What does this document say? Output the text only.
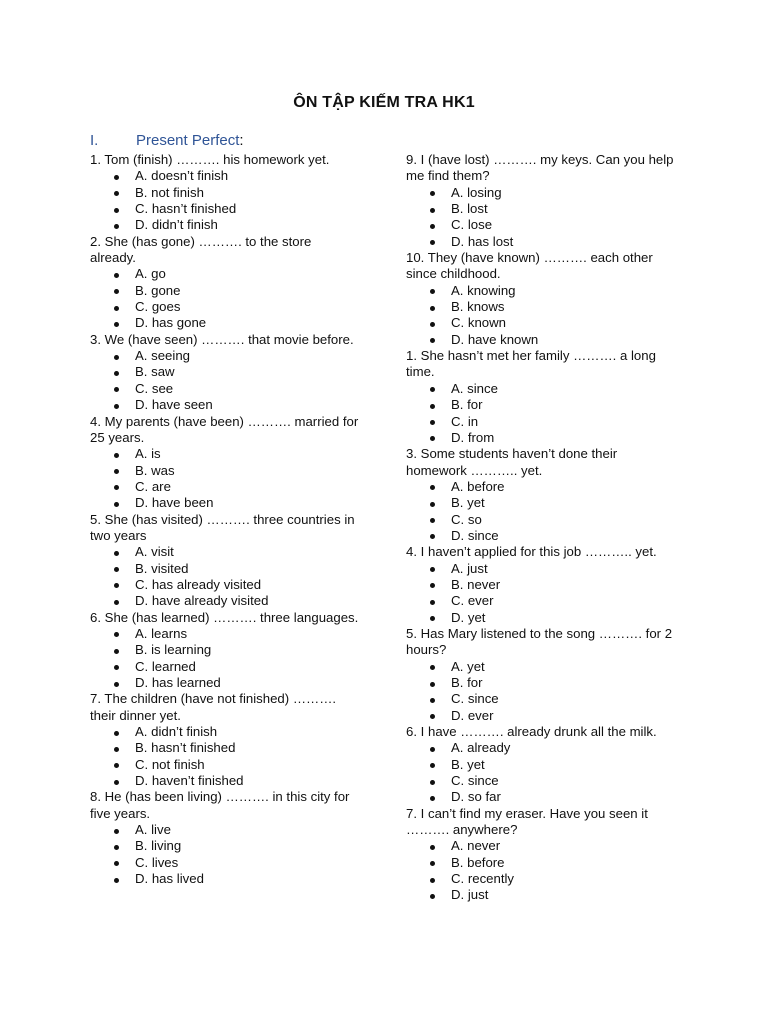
ÔN TẬP KIẾM TRA HK1
I.	Present Perfect:

1. Tom (finish) ………. his homework yet.

A. doesn’t finish
B. not finish
C. hasn’t finished
D. didn’t finish

2. She (has gone) ………. to the store already.

A. go
B. gone
C. goes
D. has gone

3. We (have seen) ………. that movie before.

A. seeing
B. saw
C. see
D. have seen

4. My parents (have been) ………. married for 25 years.

A. is
B. was
C. are
D. have been

5. She (has visited) ………. three countries in two years

A. visit
B. visited
C. has already visited
D. have already visited

6. She (has learned) ………. three languages.

A. learns
B. is learning
C. learned
D. has learned

7. The children (have not finished) ………. their dinner yet.

A. didn’t finish
B. hasn’t finished
C. not finish
D. haven’t finished

8. He (has been living) ………. in this city for five years.

A. live
B. living
C. lives
D. has lived

9. I (have lost) ………. my keys. Can you help me find them?

A. losing
B. lost
C. lose
D. has lost

10. They (have known) ………. each other since childhood.

A. knowing
B. knows
C. known
D. have known

1. She hasn’t met her family ………. a long time.

A. since
B. for
C. in
D. from

3. Some students haven’t done their homework ……….. yet.

A. before
B. yet
C. so
D. since

4. I haven’t applied for this job ……….. yet.

A. just
B. never
C. ever
D. yet

5. Has Mary listened to the song ………. for 2 hours?

A. yet
B. for
C. since
D. ever

6. I have ………. already drunk all the milk.

A. already
B. yet
C. since
D. so far

7. I can’t find my eraser. Have you seen it ………. anywhere?

A. never
B. before
C. recently
D. just
